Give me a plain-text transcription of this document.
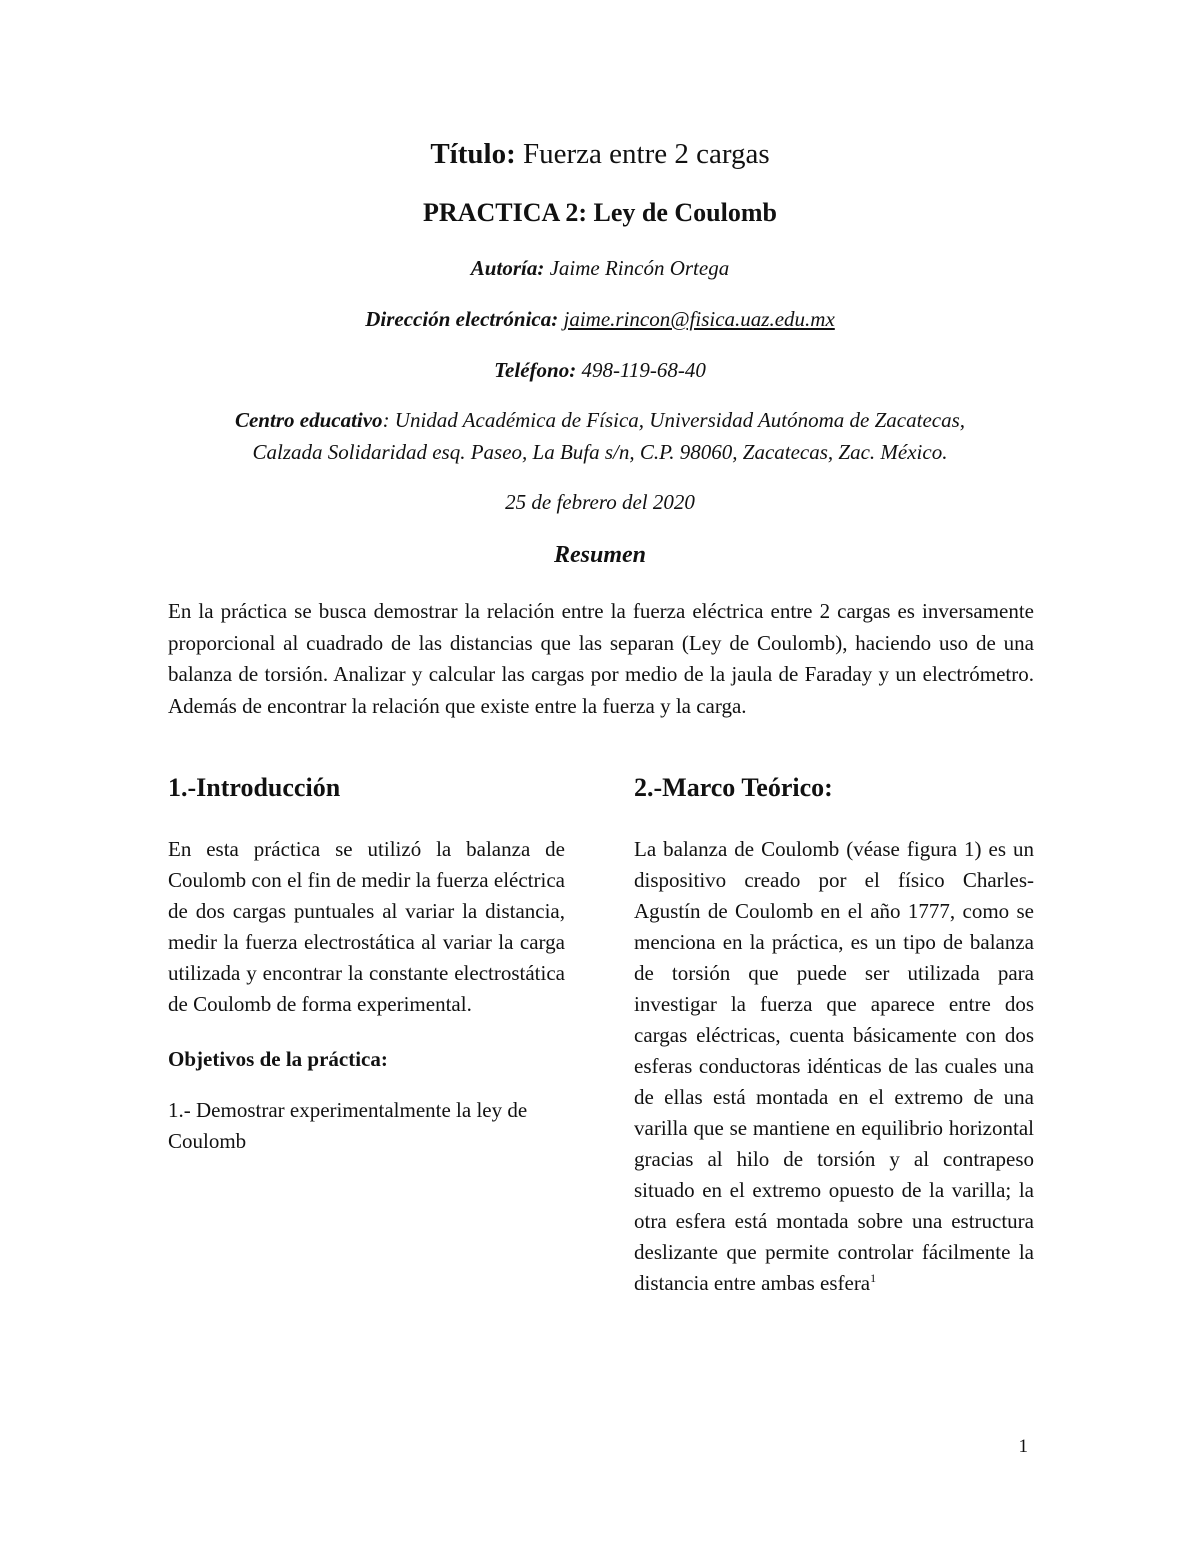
Título: Fuerza entre 2 cargas
PRACTICA 2: Ley de Coulomb
Autoría: Jaime Rincón Ortega
Dirección electrónica: jaime.rincon@fisica.uaz.edu.mx
Teléfono: 498-119-68-40
Centro educativo: Unidad Académica de Física, Universidad Autónoma de Zacatecas,
Calzada Solidaridad esq. Paseo, La Bufa s/n, C.P. 98060, Zacatecas, Zac. México.
25 de febrero del 2020
Resumen

En la práctica se busca demostrar la relación entre la fuerza eléctrica entre 2 cargas es inversamente proporcional al cuadrado de las distancias que las separan (Ley de Coulomb), haciendo uso de una balanza de torsión. Analizar y calcular las cargas por medio de la jaula de Faraday y un electrómetro. Además de encontrar la relación que existe entre la fuerza y la carga.

1.-Introducción

En esta práctica se utilizó la balanza de Coulomb con el fin de medir la fuerza eléctrica de dos cargas puntuales al variar la distancia, medir la fuerza electrostática al variar la carga utilizada y encontrar la constante electrostática de Coulomb de forma experimental.

Objetivos de la práctica:

1.- Demostrar experimentalmente la ley de Coulomb

2.-Marco Teórico:

La balanza de Coulomb (véase figura 1) es un dispositivo creado por el físico Charles-Agustín de Coulomb en el año 1777, como se menciona en la práctica, es un tipo de balanza de torsión que puede ser utilizada para investigar la fuerza que aparece entre dos cargas eléctricas, cuenta básicamente con dos esferas conductoras idénticas de las cuales una de ellas está montada en el extremo de una varilla que se mantiene en equilibrio horizontal gracias al hilo de torsión y al contrapeso situado en el extremo opuesto de la varilla; la otra esfera está montada sobre una estructura deslizante que permite controlar fácilmente la distancia entre ambas esfera$^1$

1
